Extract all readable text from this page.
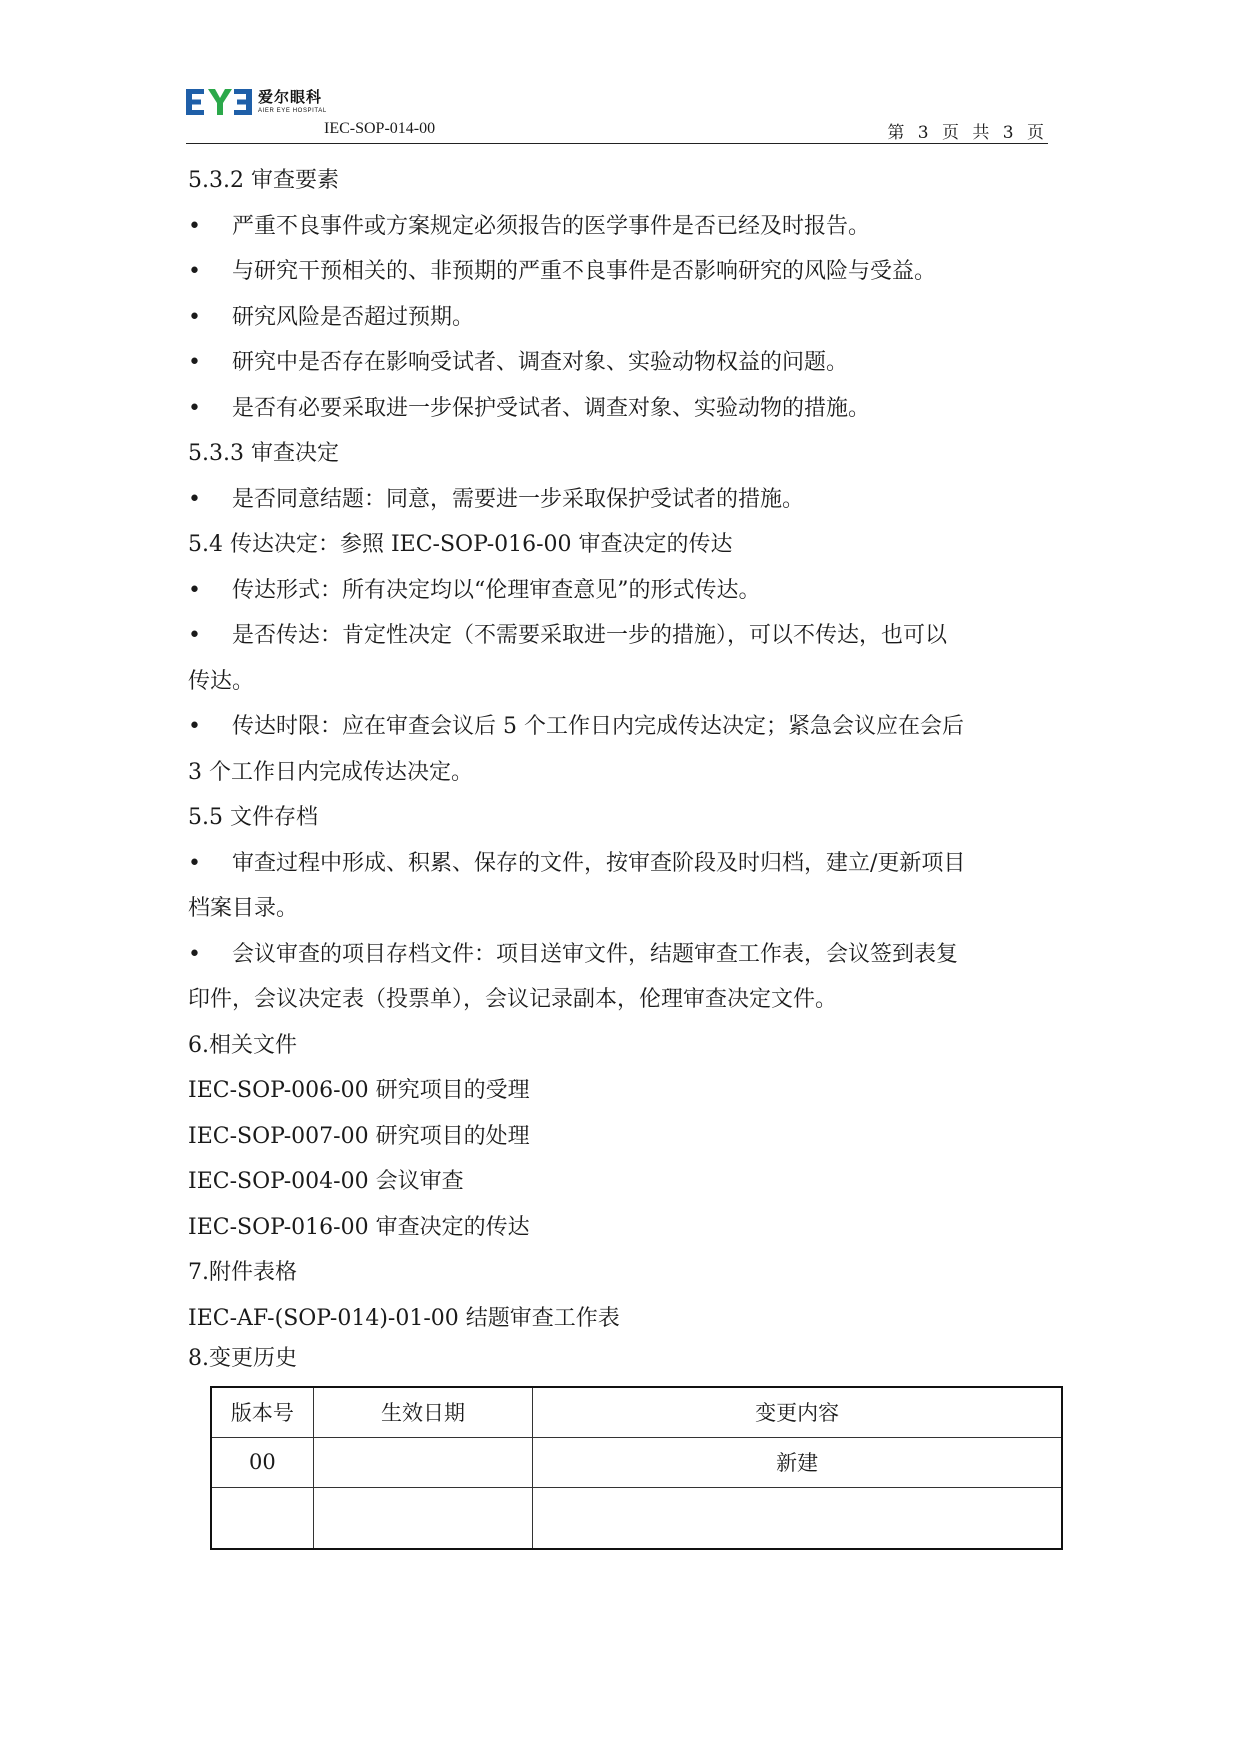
爱尔眼科
AIER EYE HOSPITAL
IEC-SOP-014-00	第 3 页 共 3 页
5.3.2 审查要素
• 严重不良事件或方案规定必须报告的医学事件是否已经及时报告。
• 与研究干预相关的、非预期的严重不良事件是否影响研究的风险与受益。
• 研究风险是否超过预期。
• 研究中是否存在影响受试者、调查对象、实验动物权益的问题。
• 是否有必要采取进一步保护受试者、调查对象、实验动物的措施。
5.3.3 审查决定
• 是否同意结题：同意，需要进一步采取保护受试者的措施。
5.4 传达决定：参照 IEC-SOP-016-00 审查决定的传达
• 传达形式：所有决定均以“伦理审查意见”的形式传达。
• 是否传达：肯定性决定（不需要采取进一步的措施），可以不传达，也可以
传达。
• 传达时限：应在审查会议后 5 个工作日内完成传达决定；紧急会议应在会后
3 个工作日内完成传达决定。
5.5 文件存档
• 审查过程中形成、积累、保存的文件，按审查阶段及时归档，建立/更新项目
档案目录。
• 会议审查的项目存档文件：项目送审文件，结题审查工作表，会议签到表复
印件，会议决定表（投票单），会议记录副本，伦理审查决定文件。
6.相关文件
IEC-SOP-006-00 研究项目的受理
IEC-SOP-007-00 研究项目的处理
IEC-SOP-004-00 会议审查
IEC-SOP-016-00 审查决定的传达
7.附件表格
IEC-AF-(SOP-014)-01-00 结题审查工作表
8.变更历史
版本号	生效日期	变更内容
00		新建
